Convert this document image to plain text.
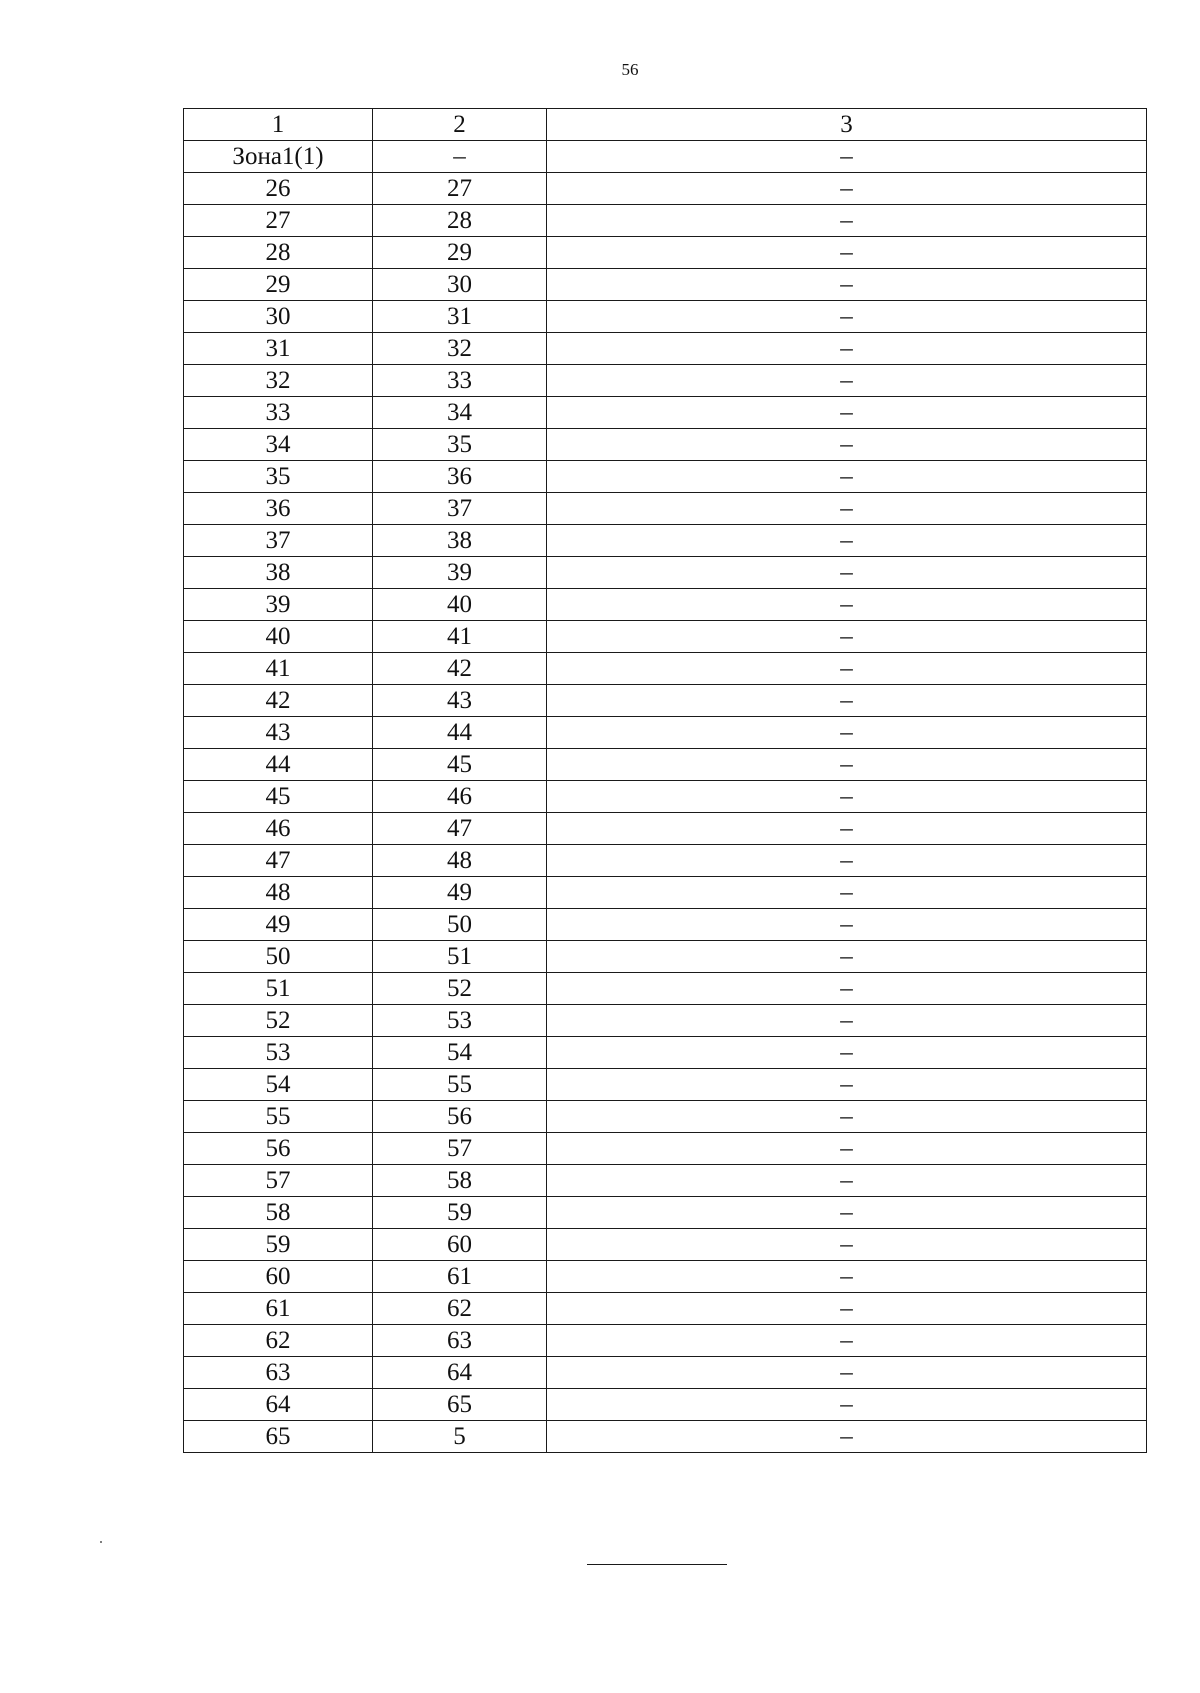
56
1	2	3
Зона1(1)	–	–
26	27	–
27	28	–
28	29	–
29	30	–
30	31	–
31	32	–
32	33	–
33	34	–
34	35	–
35	36	–
36	37	–
37	38	–
38	39	–
39	40	–
40	41	–
41	42	–
42	43	–
43	44	–
44	45	–
45	46	–
46	47	–
47	48	–
48	49	–
49	50	–
50	51	–
51	52	–
52	53	–
53	54	–
54	55	–
55	56	–
56	57	–
57	58	–
58	59	–
59	60	–
60	61	–
61	62	–
62	63	–
63	64	–
64	65	–
65	5	–
